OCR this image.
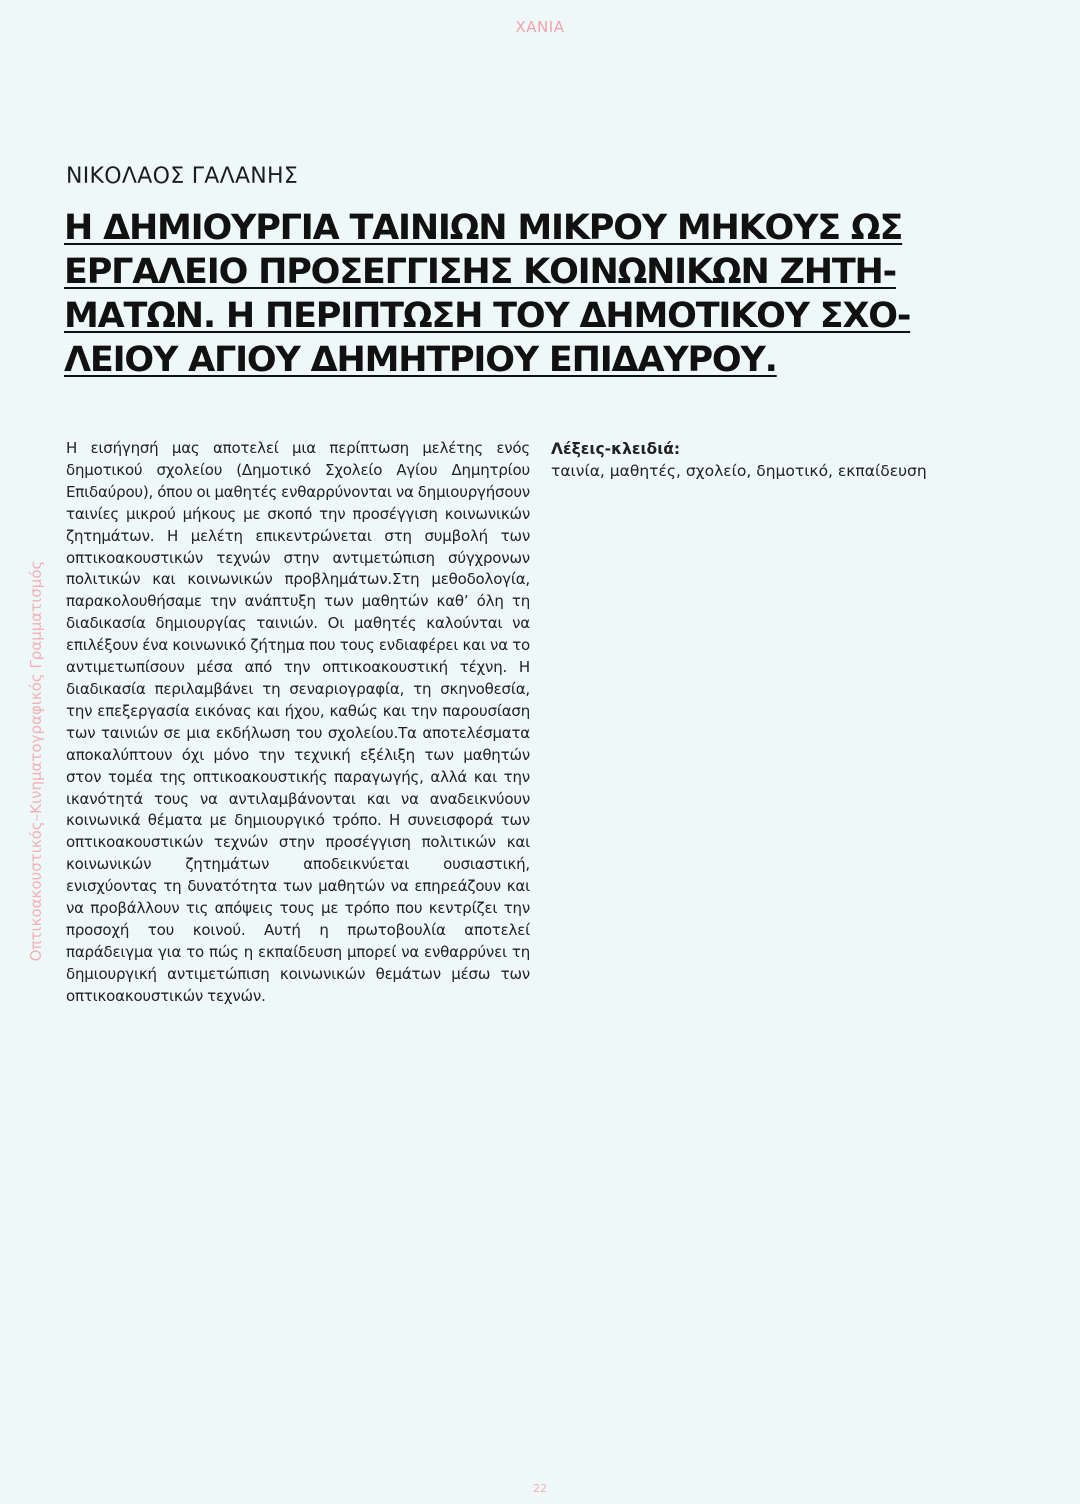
ΧΑΝΙΑ
Οπτικοακουστικός–Κινηματογραφικός Γραμματισμός
ΝΙΚΟΛΑΟΣ ΓΑΛΑΝΗΣ
Η ΔΗΜΙΟΥΡΓΙΑ ΤΑΙΝΙΩΝ ΜΙΚΡΟΥ ΜΗΚΟΥΣ ΩΣ
ΕΡΓΑΛΕΙΟ ΠΡΟΣΕΓΓΙΣΗΣ ΚΟΙΝΩΝΙΚΩΝ ΖΗΤΗ-
ΜΑΤΩΝ. Η ΠΕΡΙΠΤΩΣΗ ΤΟΥ ΔΗΜΟΤΙΚΟΥ ΣΧΟ-
ΛΕΙΟΥ ΑΓΙΟΥ ΔΗΜΗΤΡΙΟΥ ΕΠΙΔΑΥΡΟΥ.

Η εισήγησή μας αποτελεί μια περίπτωση μελέτης ενός δημοτικού σχολείου (Δημοτικό Σχολείο Αγίου Δημητρίου Επιδαύρου), όπου οι μαθητές ενθαρρύνονται να δημιουργήσουν ταινίες μικρού μήκους με σκοπό την προσέγγιση κοινωνικών ζητημάτων. Η μελέτη επικεντρώνεται στη συμβολή των οπτικοακουστικών τεχνών στην αντιμετώπιση σύγχρονων πολιτικών και κοινωνικών προβλημάτων.Στη μεθοδολογία, παρακολουθήσαμε την ανάπτυξη των μαθητών καθ’ όλη τη διαδικασία δημιουργίας ταινιών. Οι μαθητές καλούνται να επιλέξουν ένα κοινωνικό ζήτημα που τους ενδιαφέρει και να το αντιμετωπίσουν μέσα από την οπτικοακουστική τέχνη. Η διαδικασία περιλαμβάνει τη σεναριογραφία, τη σκηνοθεσία, την επεξεργασία εικόνας και ήχου, καθώς και την παρουσίαση των ταινιών σε μια εκδήλωση του σχολείου.Τα αποτελέσματα αποκαλύπτουν όχι μόνο την τεχνική εξέλιξη των μαθητών στον τομέα της οπτικοακουστικής παραγωγής, αλλά και την ικανότητά τους να αντιλαμβάνονται και να αναδεικνύουν κοινωνικά θέματα με δημιουργικό τρόπο. Η συνεισφορά των οπτικοακουστικών τεχνών στην προσέγγιση πολιτικών και κοινωνικών ζητημάτων αποδεικνύεται ουσιαστική, ενισχύοντας τη δυνατότητα των μαθητών να επηρεάζουν και να προβάλλουν τις απόψεις τους με τρόπο που κεντρίζει την προσοχή του κοινού. Αυτή η πρωτοβουλία αποτελεί παράδειγμα για το πώς η εκπαίδευση μπορεί να ενθαρρύνει τη δημιουργική αντιμετώπιση κοινωνικών θεμάτων μέσω των οπτικοακουστικών τεχνών.

Λέξεις-κλειδιά:
ταινία, μαθητές, σχολείο, δημοτικό, εκπαίδευση
22
